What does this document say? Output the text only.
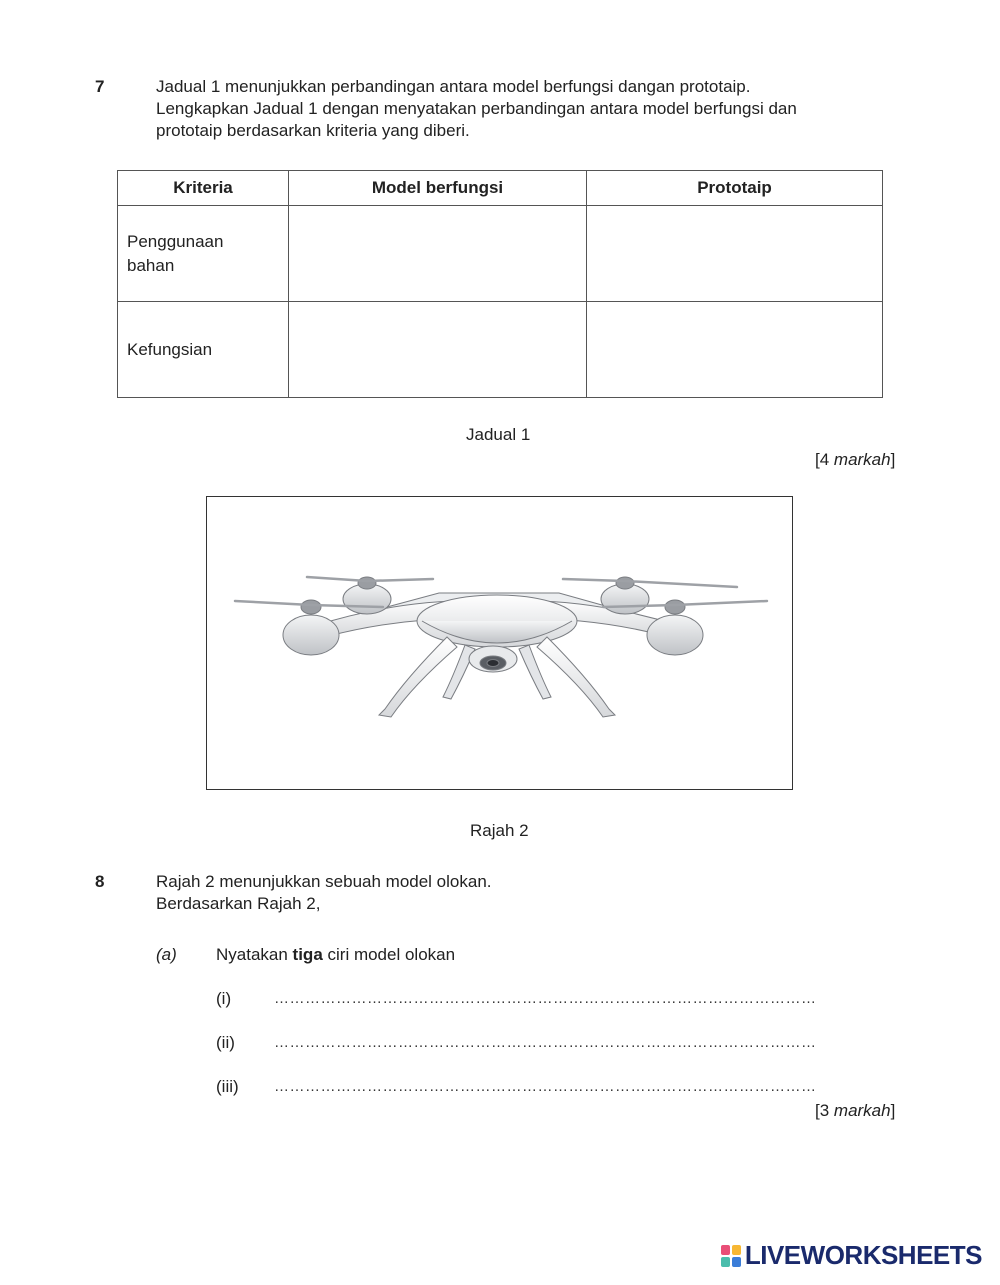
7	Jadual 1 menunjukkan perbandingan antara model berfungsi dangan prototaip.
Lengkapkan Jadual 1 dengan menyatakan perbandingan antara model berfungsi dan
prototaip berdasarkan kriteria yang diberi.
Kriteria	Model berfungsi	Prototaip

Penggunaan
bahan		

Kefungsian		
Jadual 1
[4 markah]
Rajah 2
8	Rajah 2 menunjukkan sebuah model olokan.
Berdasarkan Rajah 2,
(a) Nyatakan tiga ciri model olokan
(i)	……………………………………………………………………………………………
(ii)	……………………………………………………………………………………………
(iii) ……………………………………………………………………………………………
[3 markah]
LIVEWORKSHEETS
